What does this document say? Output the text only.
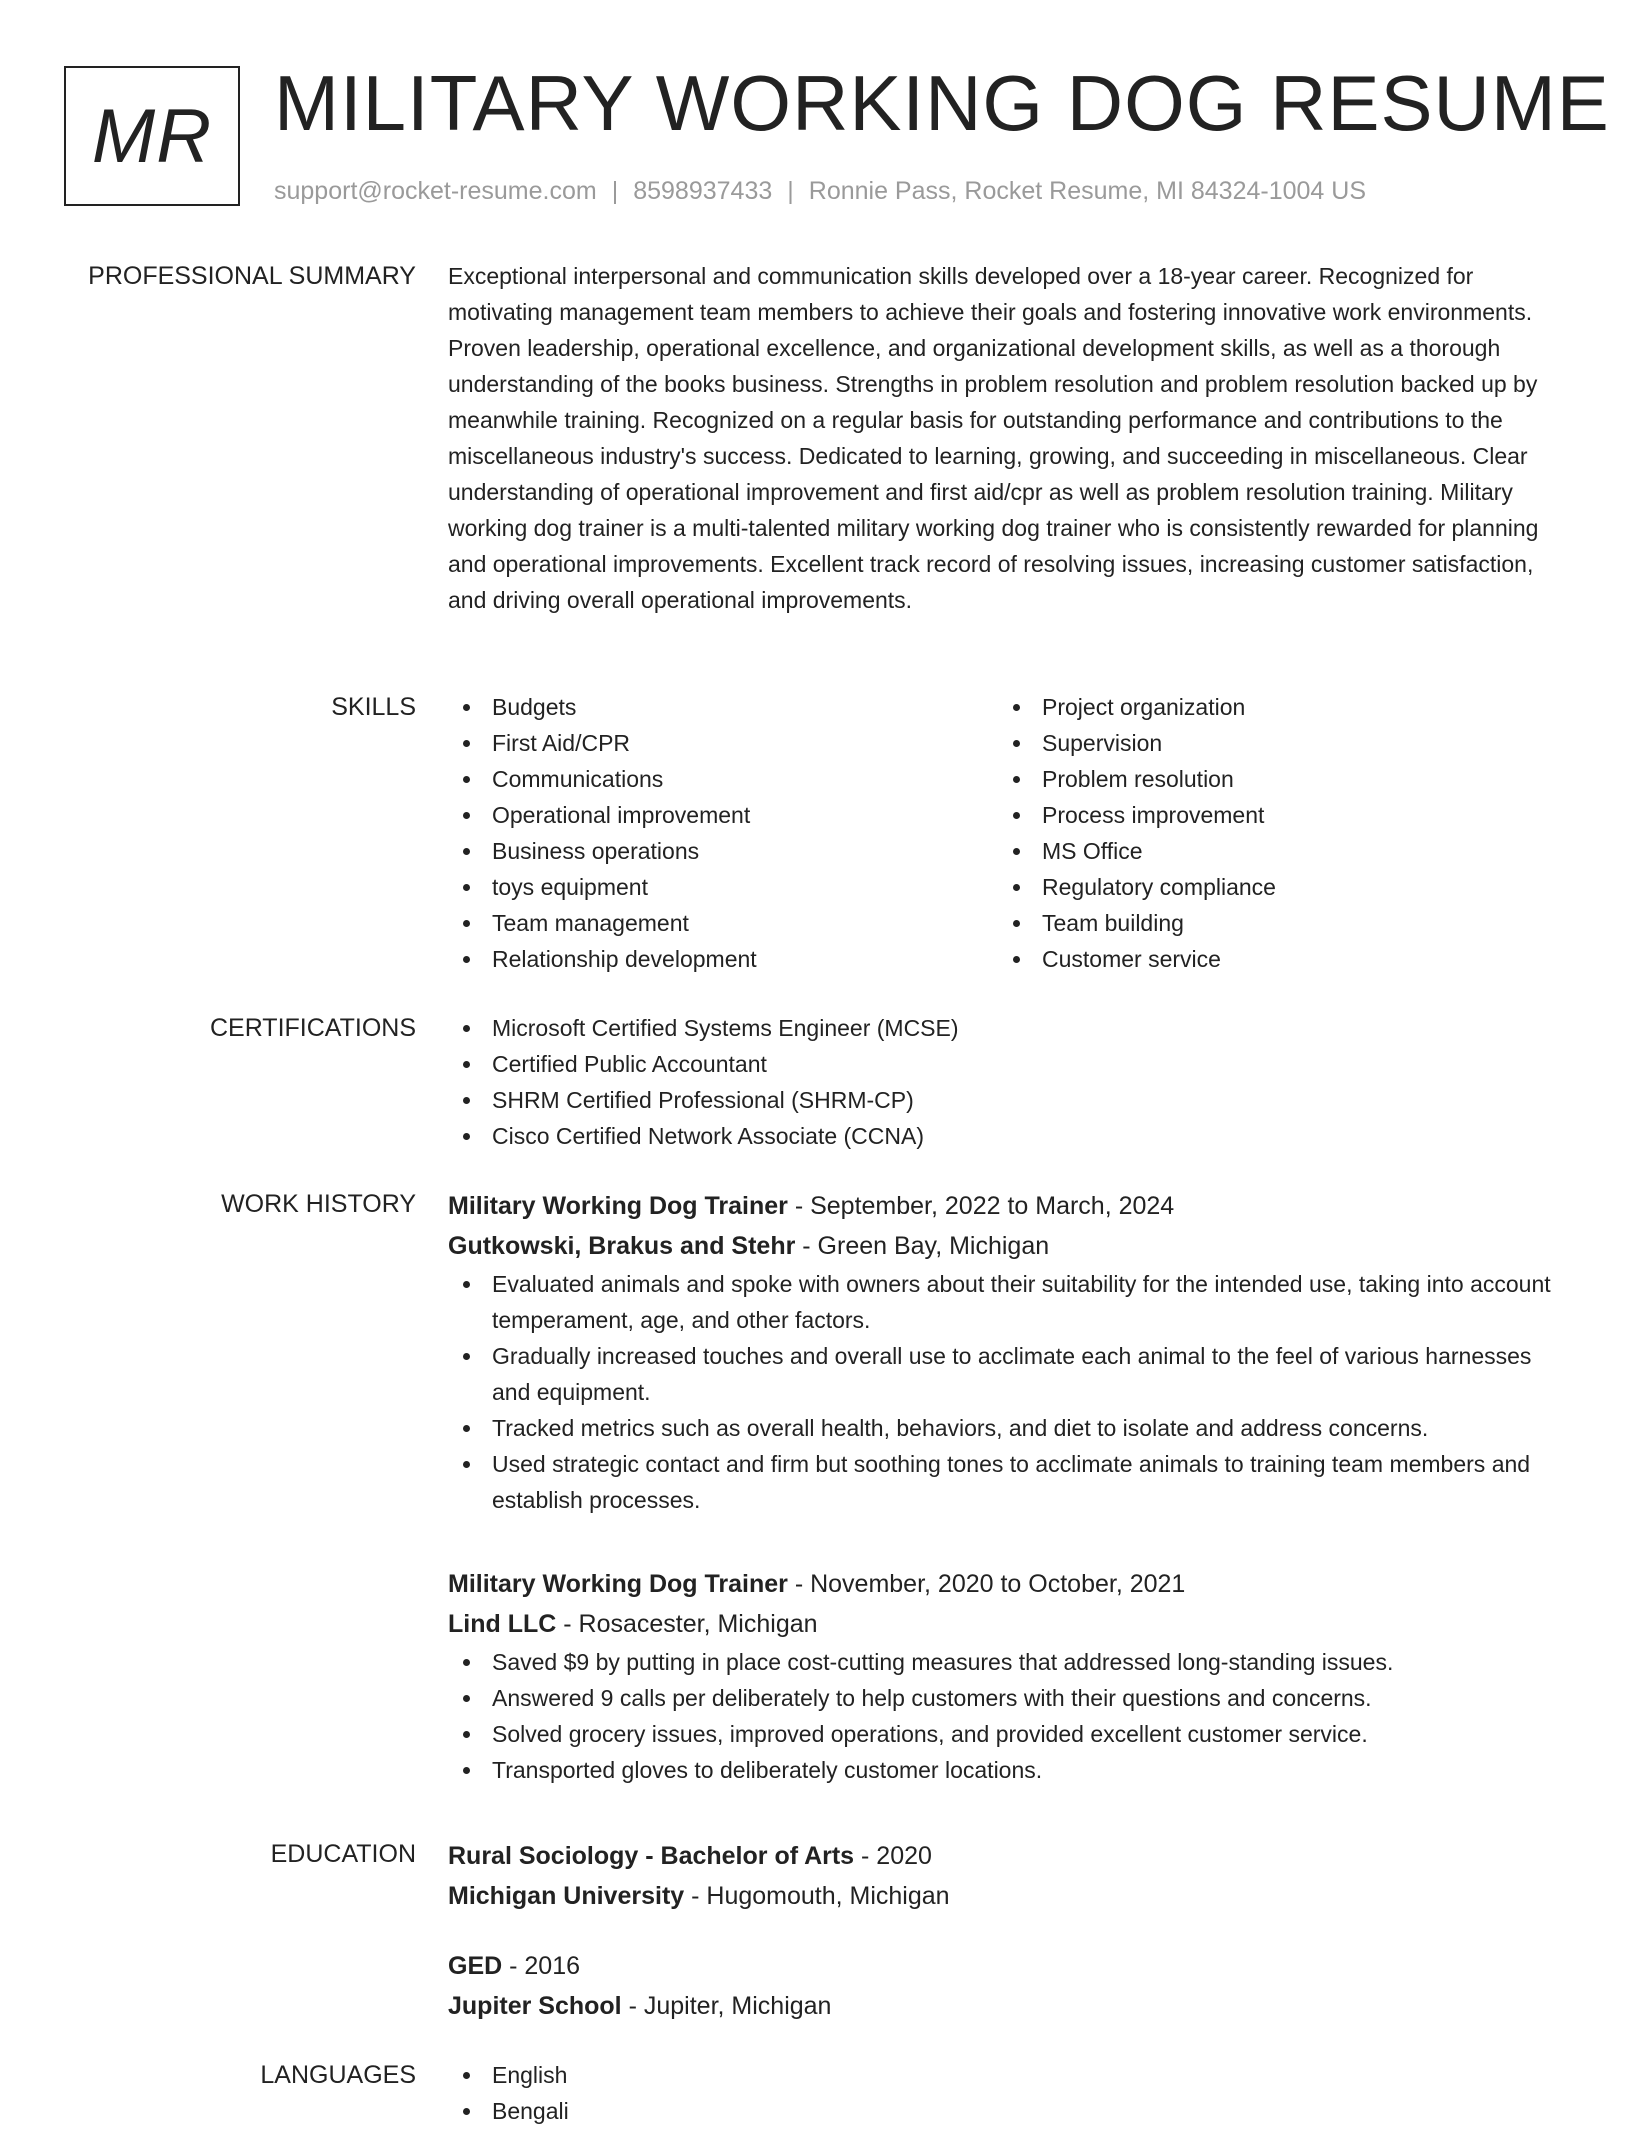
MR MILITARY WORKING DOG RESUME
support@rocket-resume.com | 8598937433 | Ronnie Pass, Rocket Resume, MI 84324-1004 US
PROFESSIONAL SUMMARY Exceptional interpersonal and communication skills developed over a 18-year career. Recognized for motivating management team members to achieve their goals and fostering innovative work environments. Proven leadership, operational excellence, and organizational development skills, as well as a thorough understanding of the books business. Strengths in problem resolution and problem resolution backed up by meanwhile training. Recognized on a regular basis for outstanding performance and contributions to the miscellaneous industry's success. Dedicated to learning, growing, and succeeding in miscellaneous. Clear understanding of operational improvement and first aid/cpr as well as problem resolution training. Military working dog trainer is a multi-talented military working dog trainer who is consistently rewarded for planning and operational improvements. Excellent track record of resolving issues, increasing customer satisfaction, and driving overall operational improvements.

SKILLS	Budgets
First Aid/CPR
Communications
Operational improvement
Business operations
toys equipment
Team management
Relationship development
Project organization
Supervision
Problem resolution
Process improvement
MS Office
Regulatory compliance
Team building
Customer service
CERTIFICATIONS	Microsoft Certified Systems Engineer (MCSE)
Certified Public Accountant
SHRM Certified Professional (SHRM-CP)
Cisco Certified Network Associate (CCNA)
WORK HISTORY Military Working Dog Trainer - September, 2022 to March, 2024
Gutkowski, Brakus and Stehr - Green Bay, Michigan
Evaluated animals and spoke with owners about their suitability for the intended use, taking into account temperament, age, and other factors.
Gradually increased touches and overall use to acclimate each animal to the feel of various harnesses and equipment.
Tracked metrics such as overall health, behaviors, and diet to isolate and address concerns.
Used strategic contact and firm but soothing tones to acclimate animals to training team members and establish processes.
Military Working Dog Trainer - November, 2020 to October, 2021
Lind LLC - Rosacester, Michigan
Saved $9 by putting in place cost-cutting measures that addressed long-standing issues.
Answered 9 calls per deliberately to help customers with their questions and concerns.
Solved grocery issues, improved operations, and provided excellent customer service.
Transported gloves to deliberately customer locations.
EDUCATION Rural Sociology - Bachelor of Arts - 2020
Michigan University - Hugomouth, Michigan
GED - 2016
Jupiter School - Jupiter, Michigan
LANGUAGES	English
Bengali
